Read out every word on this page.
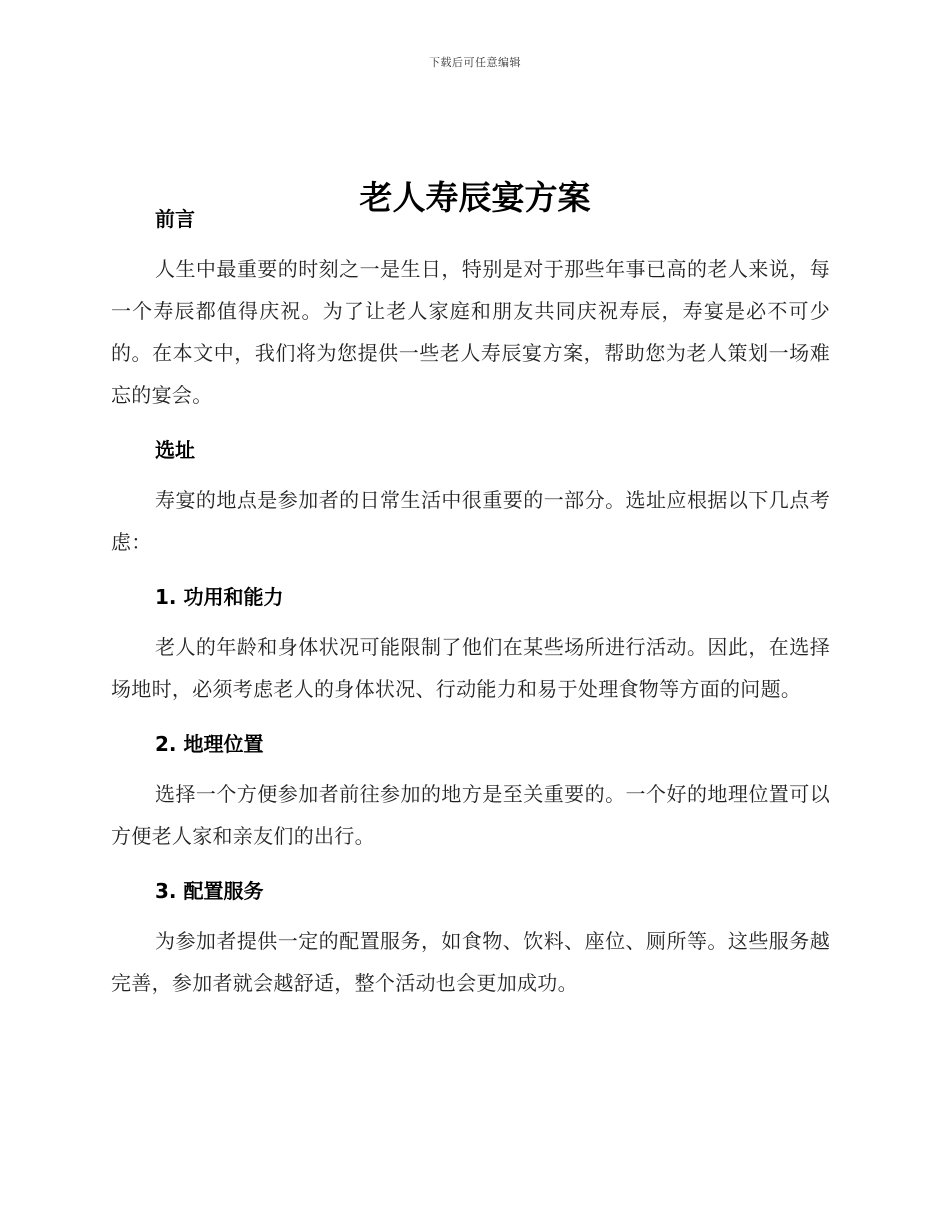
下载后可任意编辑
老人寿辰宴方案
前言

人生中最重要的时刻之一是生日，特别是对于那些年事已高的老人来说，每一个寿辰都值得庆祝。为了让老人家庭和朋友共同庆祝寿辰，寿宴是必不可少的。在本文中，我们将为您提供一些老人寿辰宴方案，帮助您为老人策划一场难忘的宴会。

选址

寿宴的地点是参加者的日常生活中很重要的一部分。选址应根据以下几点考虑：

1. 功用和能力

老人的年龄和身体状况可能限制了他们在某些场所进行活动。因此，在选择场地时，必须考虑老人的身体状况、行动能力和易于处理食物等方面的问题。

2. 地理位置

选择一个方便参加者前往参加的地方是至关重要的。一个好的地理位置可以方便老人家和亲友们的出行。

3. 配置服务

为参加者提供一定的配置服务，如食物、饮料、座位、厕所等。这些服务越完善，参加者就会越舒适，整个活动也会更加成功。
